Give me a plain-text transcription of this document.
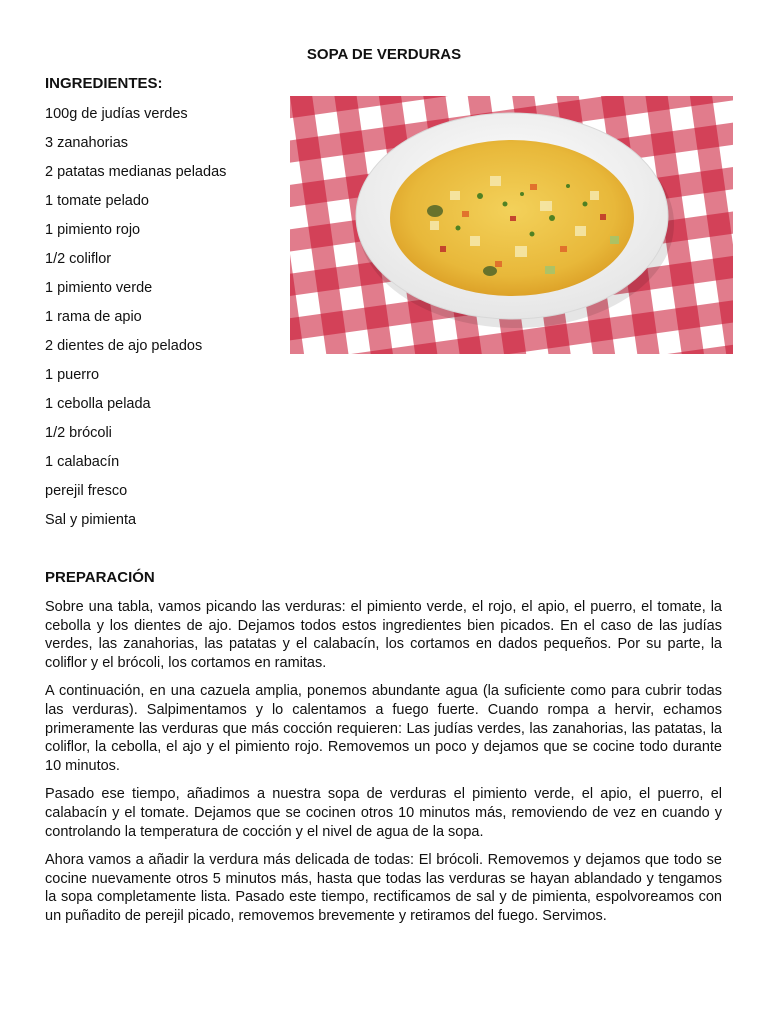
SOPA DE VERDURAS
INGREDIENTES:
100g de judías verdes
3 zanahorias
2 patatas medianas peladas
1 tomate pelado
1 pimiento rojo
1/2 coliflor
1 pimiento verde
1 rama de apio
2 dientes de ajo pelados
1 puerro
1 cebolla pelada
1/2 brócoli
1 calabacín
perejil fresco
Sal y pimienta
PREPARACIÓN

Sobre una tabla, vamos picando las verduras: el pimiento verde, el rojo, el apio, el puerro, el tomate, la cebolla y los dientes de ajo. Dejamos todos estos ingredientes bien picados. En el caso de las judías verdes, las zanahorias, las patatas y el calabacín, los cortamos en dados pequeños. Por su parte, la coliflor y el brócoli, los cortamos en ramitas.

A continuación, en una cazuela amplia, ponemos abundante agua (la suficiente como para cubrir todas las verduras). Salpimentamos y lo calentamos a fuego fuerte. Cuando rompa a hervir, echamos primeramente las verduras que más cocción requieren: Las judías verdes, las zanahorias, las patatas, la coliflor, la cebolla, el ajo y el pimiento rojo. Removemos un poco y dejamos que se cocine todo durante 10 minutos.

Pasado ese tiempo, añadimos a nuestra sopa de verduras el pimiento verde, el apio, el puerro, el calabacín y el tomate. Dejamos que se cocinen otros 10 minutos más, removiendo de vez en cuando y controlando la temperatura de cocción y el nivel de agua de la sopa.

Ahora vamos a añadir la verdura más delicada de todas: El brócoli. Removemos y dejamos que todo se cocine nuevamente otros 5 minutos más, hasta que todas las verduras se hayan ablandado y tengamos la sopa completamente lista. Pasado este tiempo, rectificamos de sal y de pimienta, espolvoreamos con un puñadito de perejil picado, removemos brevemente y retiramos del fuego. Servimos.
